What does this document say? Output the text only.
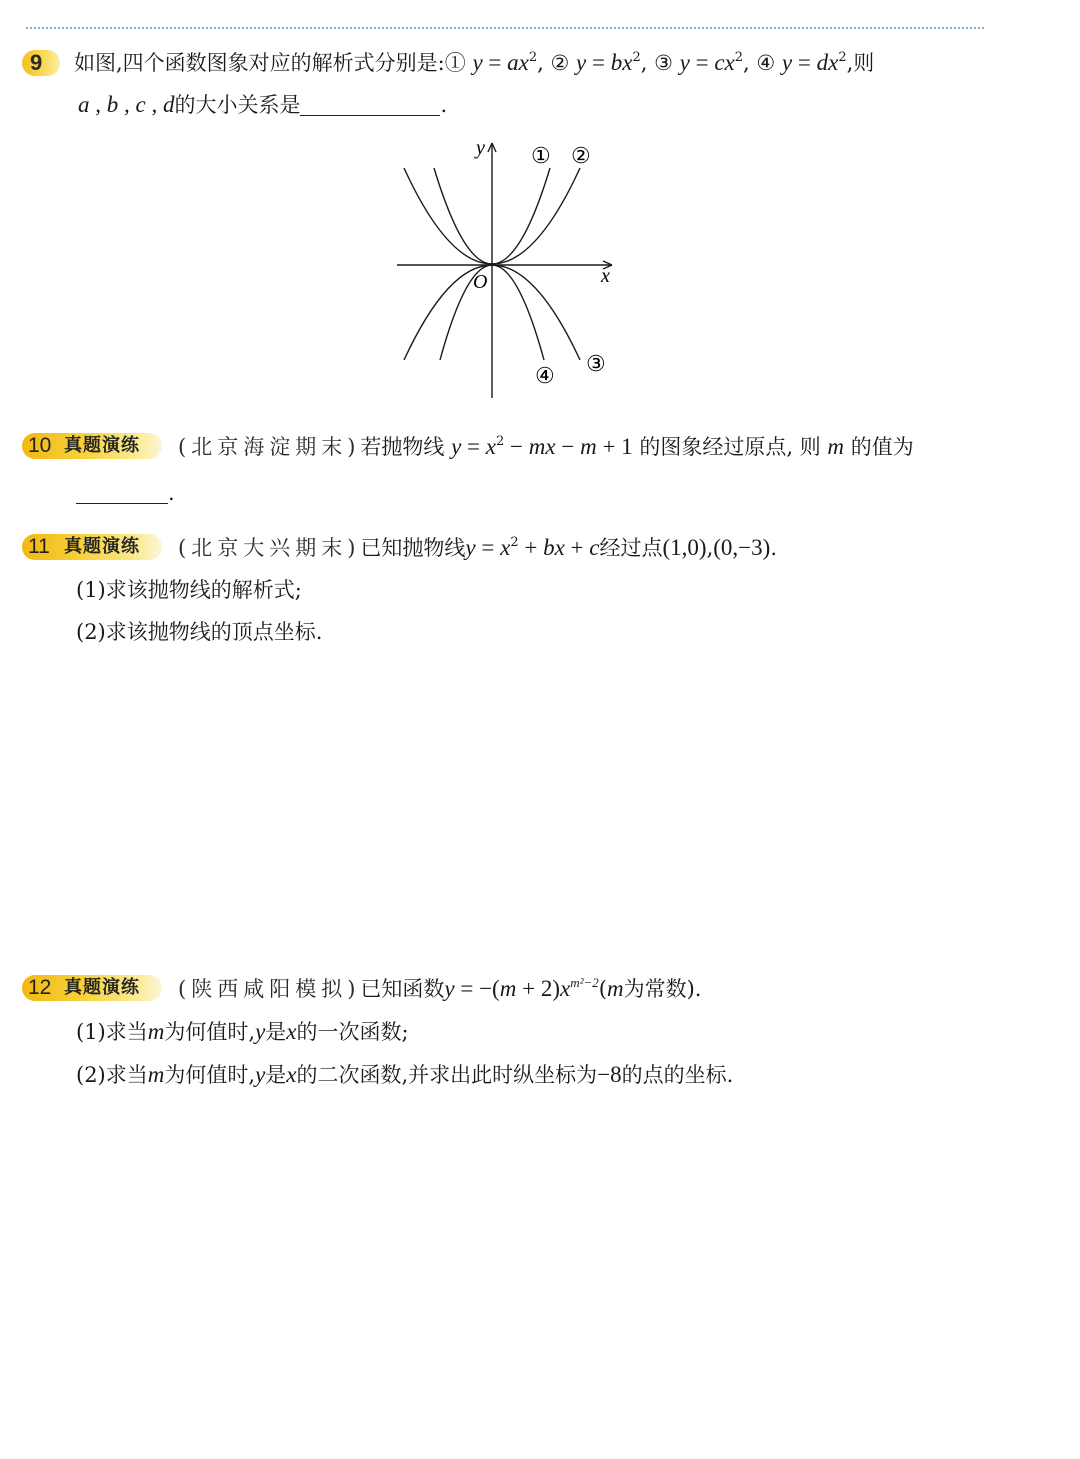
9 如图,四个函数图象对应的解析式分别是:① $y = ax^2$, ② $y = bx^2$, ③ $y = cx^2$, ④ $y = dx^2$,则
a , b , c , d的大小关系是	.
y
x
O
① ②
③
④
10 真题演练 (北京海淀期末)若抛物线 $y = x^2$ − mx − m + 1 的图象经过原点, 则 m 的值为
.
11 真题演练 (北京大兴期末)已知抛物线$y = x^2$ + bx + c经过点(1,0),(0,−3).
(1)求该抛物线的解析式;
(2)求该抛物线的顶点坐标.
12 真题演练 (陕西咸阳模拟)已知函数$y = -(m + 2)x^{m^2-2}(m$为常数).
(1)求当m为何值时,y是x的一次函数;
(2)求当m为何值时,y是x的二次函数,并求出此时纵坐标为−8的点的坐标.
